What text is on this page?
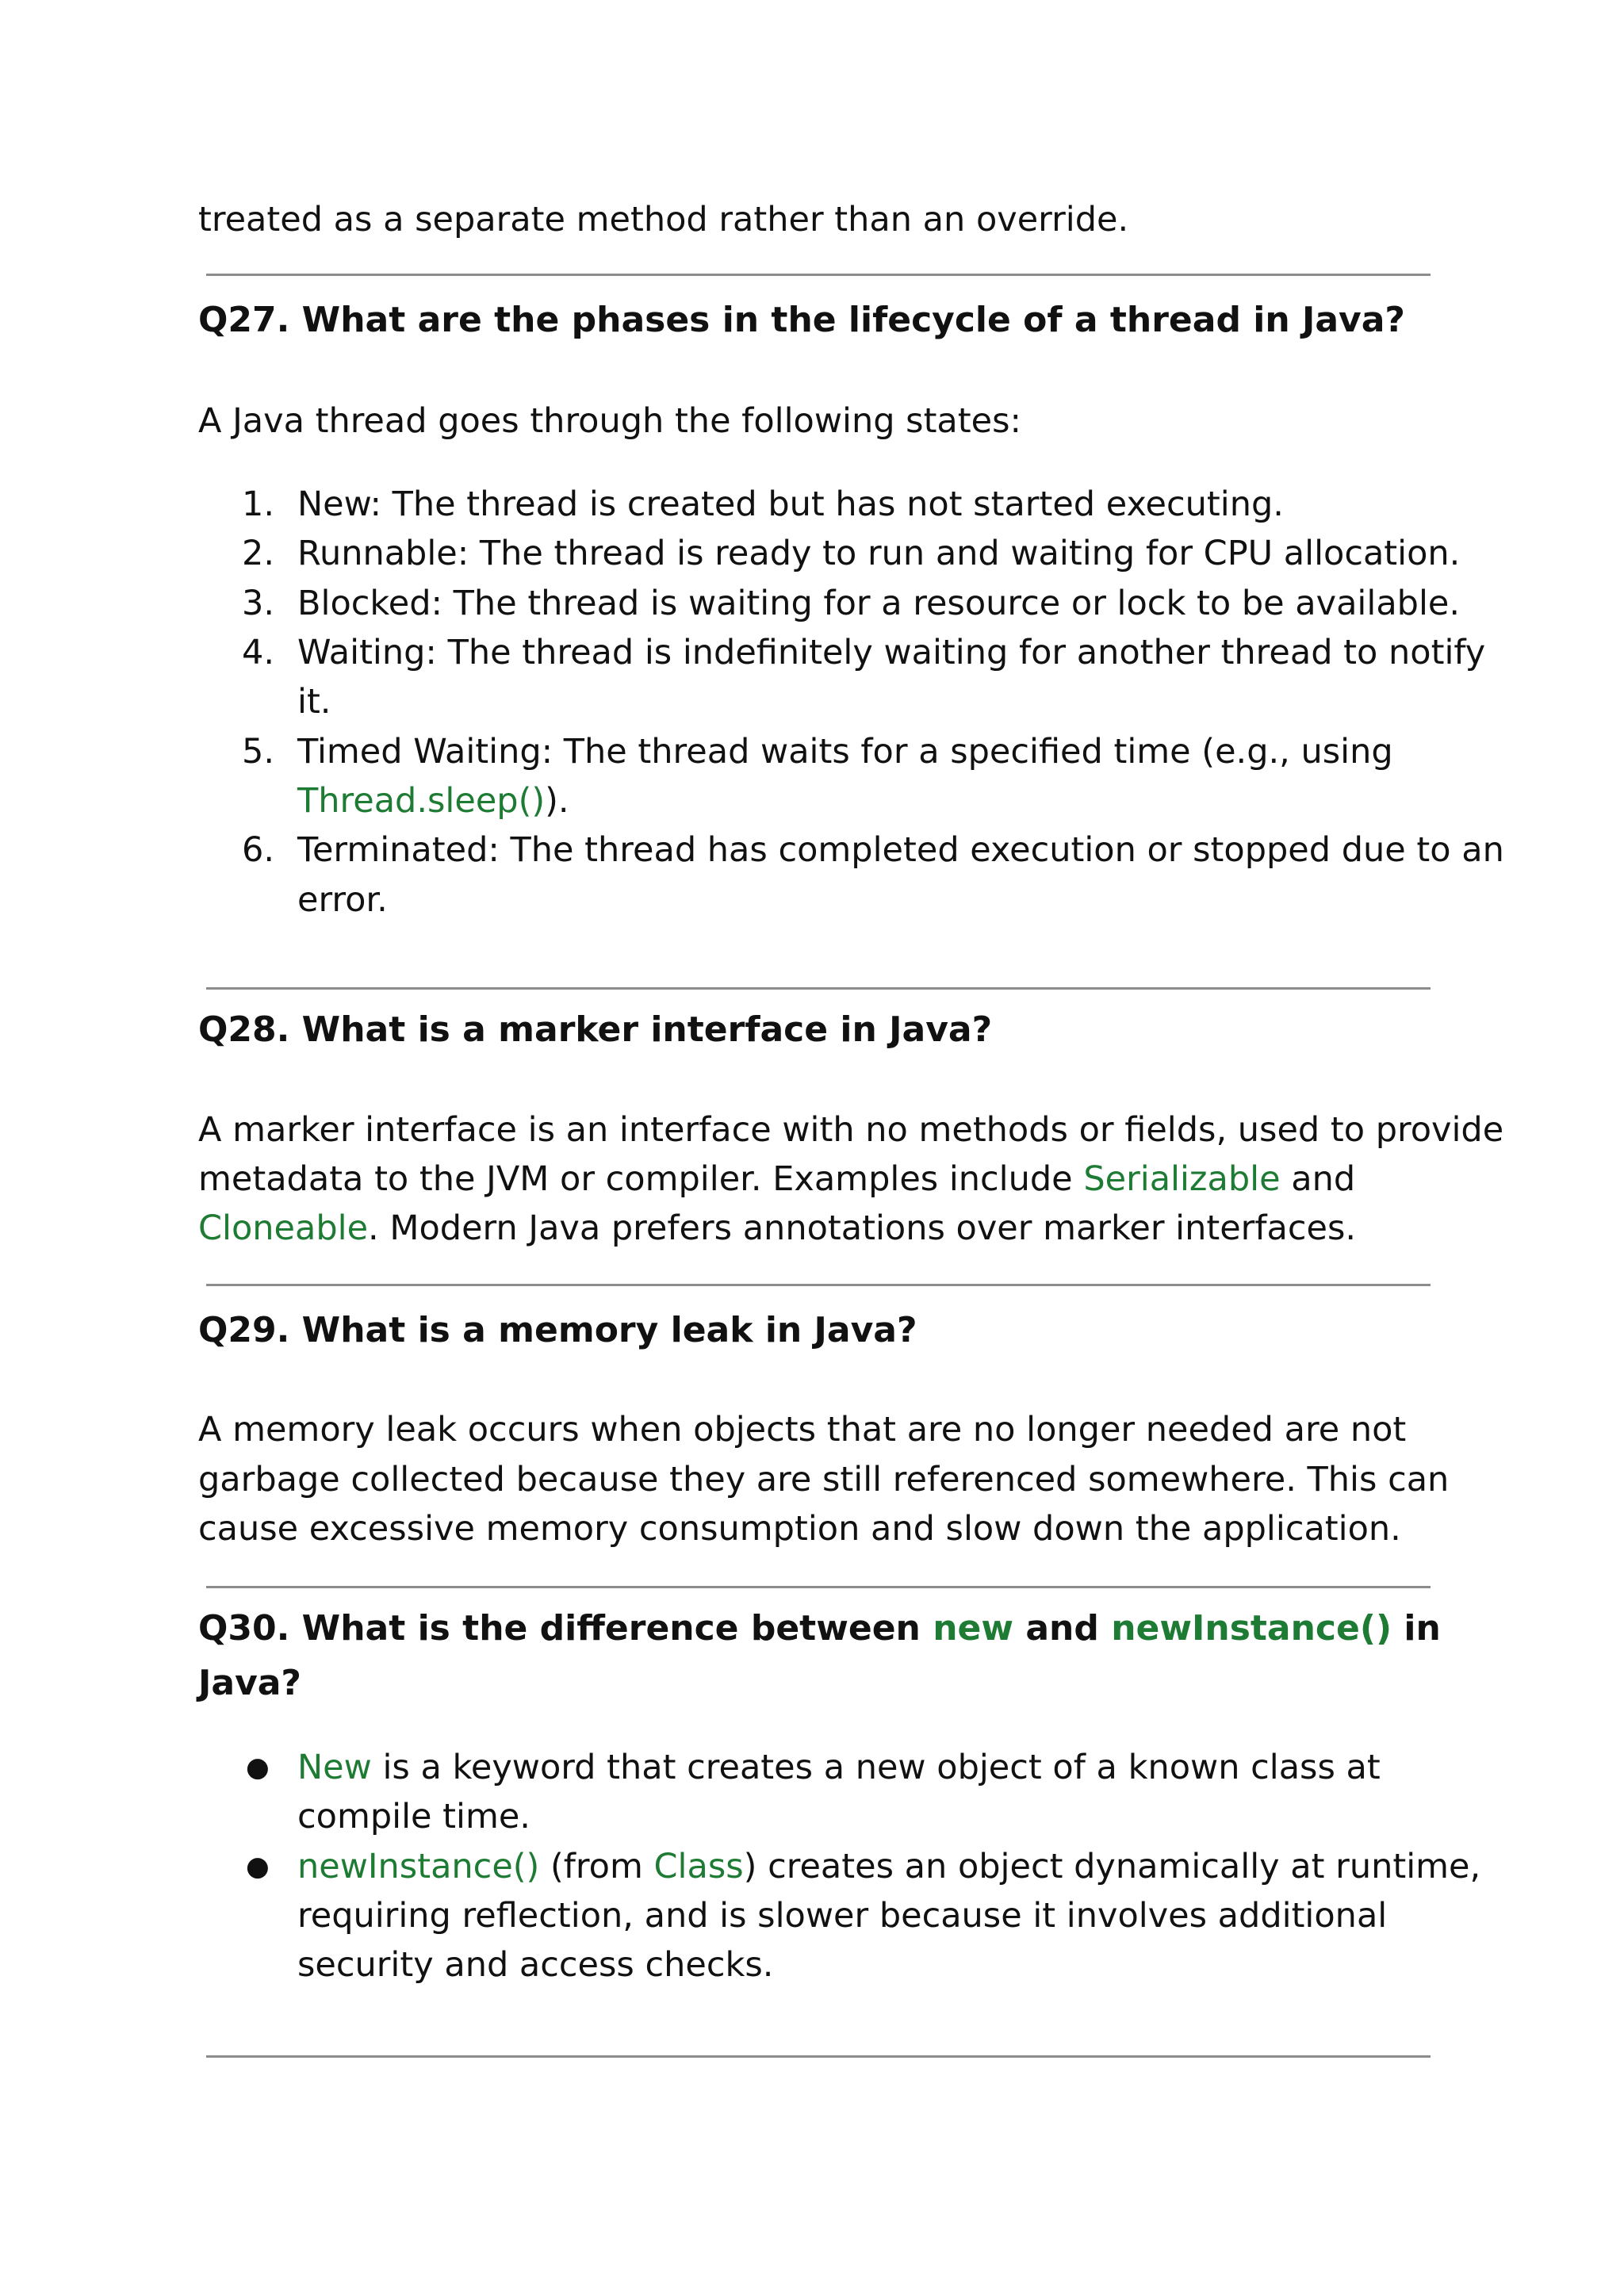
treated as a separate method rather than an override.

Q27. What are the phases in the lifecycle of a thread in Java?

A Java thread goes through the following states:

1. New: The thread is created but has not started executing.

2. Runnable: The thread is ready to run and waiting for CPU allocation.

3. Blocked: The thread is waiting for a resource or lock to be available.

4. Waiting: The thread is indefinitely waiting for another thread to notify

it.

5. Timed Waiting: The thread waits for a specified time (e.g., using

Thread.sleep()).

6. Terminated: The thread has completed execution or stopped due to an

error.

Q28. What is a marker interface in Java?

A marker interface is an interface with no methods or fields, used to provide

metadata to the JVM or compiler. Examples include Serializable and

Cloneable. Modern Java prefers annotations over marker interfaces.

Q29. What is a memory leak in Java?

A memory leak occurs when objects that are no longer needed are not

garbage collected because they are still referenced somewhere. This can

cause excessive memory consumption and slow down the application.

Q30. What is the difference between new and newInstance() in
Java?
● New is a keyword that creates a new object of a known class at

compile time.

● newInstance() (from Class) creates an object dynamically at runtime,

requiring reflection, and is slower because it involves additional

security and access checks.
